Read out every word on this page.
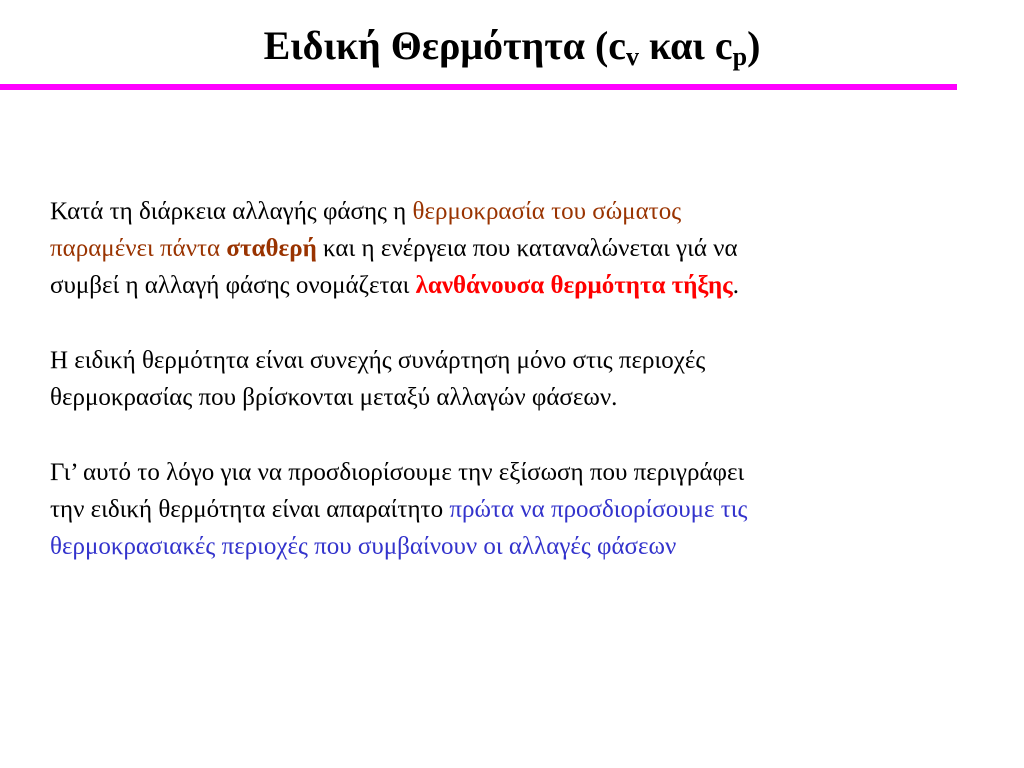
Ειδική Θερμότητα ($c_v$ και $c_p$)

Κατά τη διάρκεια αλλαγής φάσης η θερμοκρασία του σώματος
παραμένει πάντα σταθερή και η ενέργεια που καταναλώνεται γιά να
συμβεί η αλλαγή φάσης ονομάζεται λανθάνουσα θερμότητα τήξης.

Η ειδική θερμότητα είναι συνεχής συνάρτηση μόνο στις περιοχές
θερμοκρασίας που βρίσκονται μεταξύ αλλαγών φάσεων.

Γι’ αυτό το λόγο για να προσδιορίσουμε την εξίσωση που περιγράφει
την ειδική θερμότητα είναι απαραίτητο πρώτα να προσδιορίσουμε τις
θερμοκρασιακές περιοχές που συμβαίνουν οι αλλαγές φάσεων
